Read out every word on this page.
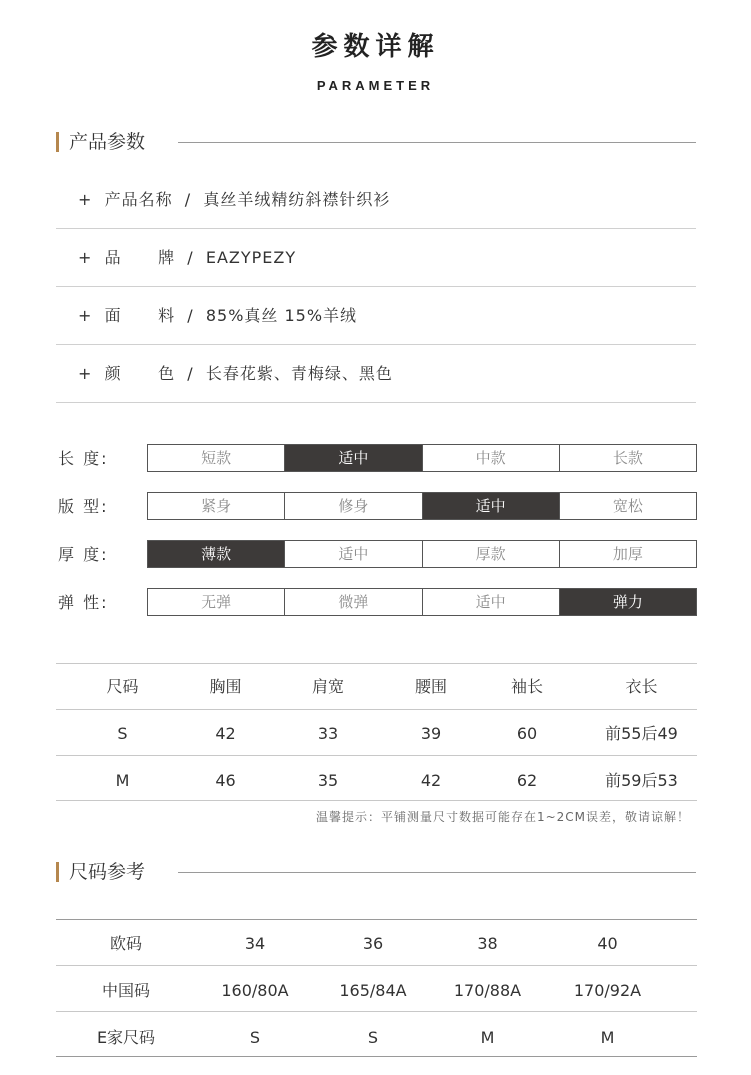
参数详解
PARAMETER
产品参数
+  产品名称  /  真丝羊绒精纺斜襟针织衫
+  品      牌  /  EAZYPEZY
+  面      料  /  85%真丝 15%羊绒
+  颜      色  /  长春花紫、青梅绿、黑色
长 度:	短款	适中	中款	长款
版 型:	紧身	修身	适中	宽松
厚 度:	薄款	适中	厚款	加厚
弹 性:	无弹	微弹	适中	弹力
尺码	胸围	肩宽	腰围	袖长	衣长
S	42	33	39	60	前55后49
M	46	35	42	62	前59后53
温馨提示：平铺测量尺寸数据可能存在1~2CM误差，敬请谅解！
尺码参考
欧码	34	36	38	40
中国码	160/80A	165/84A	170/88A	170/92A
E家尺码	S	S	M	M
